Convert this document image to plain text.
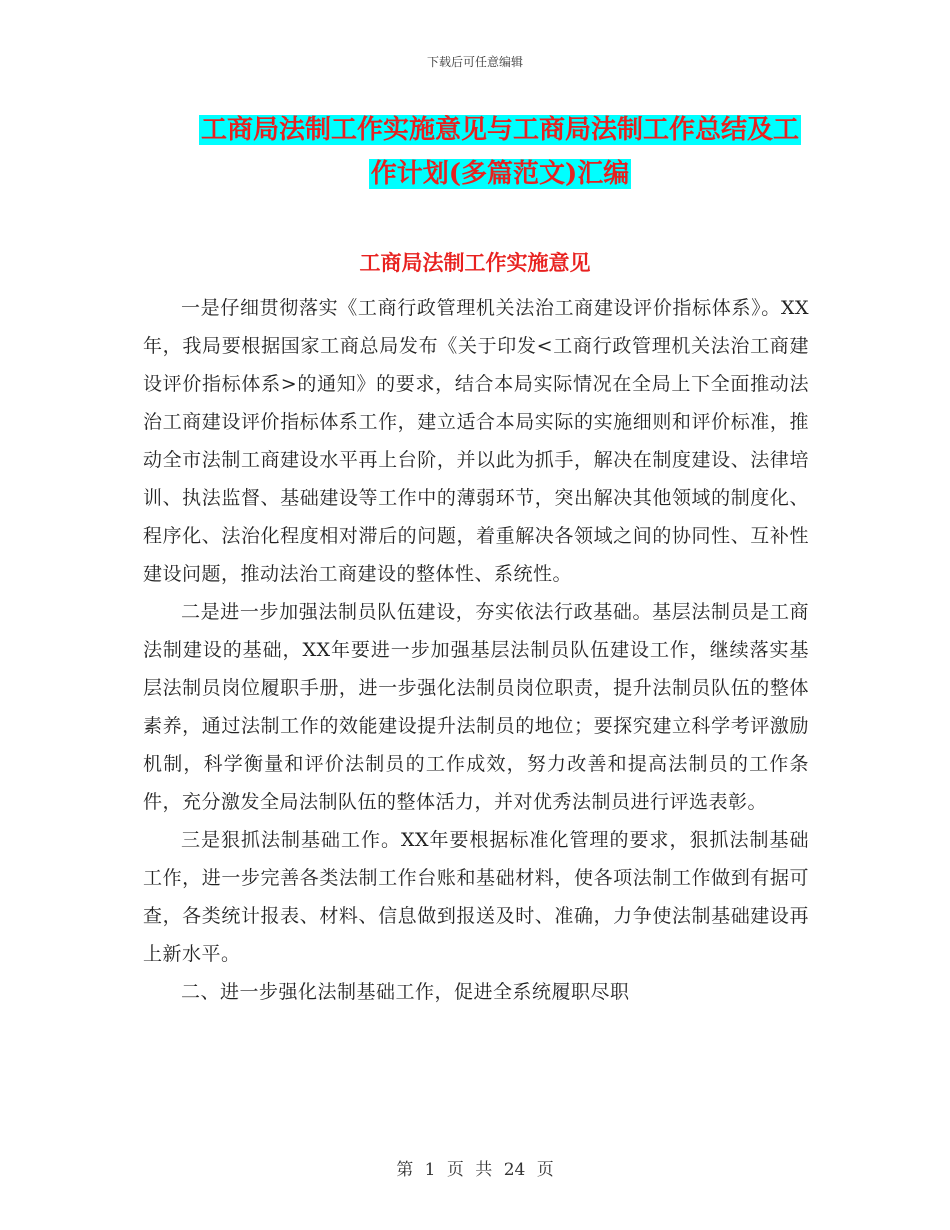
下载后可任意编辑
工商局法制工作实施意见与工商局法制工作总结及工作计划(多篇范文)汇编
工商局法制工作实施意见

一是仔细贯彻落实《工商行政管理机关法治工商建设评价指标体系》。XX年，我局要根据国家工商总局发布《关于印发<工商行政管理机关法治工商建设评价指标体系>的通知》的要求，结合本局实际情况在全局上下全面推动法治工商建设评价指标体系工作，建立适合本局实际的实施细则和评价标准，推动全市法制工商建设水平再上台阶，并以此为抓手，解决在制度建设、法律培训、执法监督、基础建设等工作中的薄弱环节，突出解决其他领域的制度化、程序化、法治化程度相对滞后的问题，着重解决各领域之间的协同性、互补性建设问题，推动法治工商建设的整体性、系统性。

二是进一步加强法制员队伍建设，夯实依法行政基础。基层法制员是工商法制建设的基础，XX年要进一步加强基层法制员队伍建设工作，继续落实基层法制员岗位履职手册，进一步强化法制员岗位职责，提升法制员队伍的整体素养，通过法制工作的效能建设提升法制员的地位；要探究建立科学考评激励机制，科学衡量和评价法制员的工作成效，努力改善和提高法制员的工作条件，充分激发全局法制队伍的整体活力，并对优秀法制员进行评选表彰。

三是狠抓法制基础工作。XX年要根据标准化管理的要求，狠抓法制基础工作，进一步完善各类法制工作台账和基础材料，使各项法制工作做到有据可查，各类统计报表、材料、信息做到报送及时、准确，力争使法制基础建设再上新水平。

二、进一步强化法制基础工作，促进全系统履职尽职

第 1 页 共 24 页
